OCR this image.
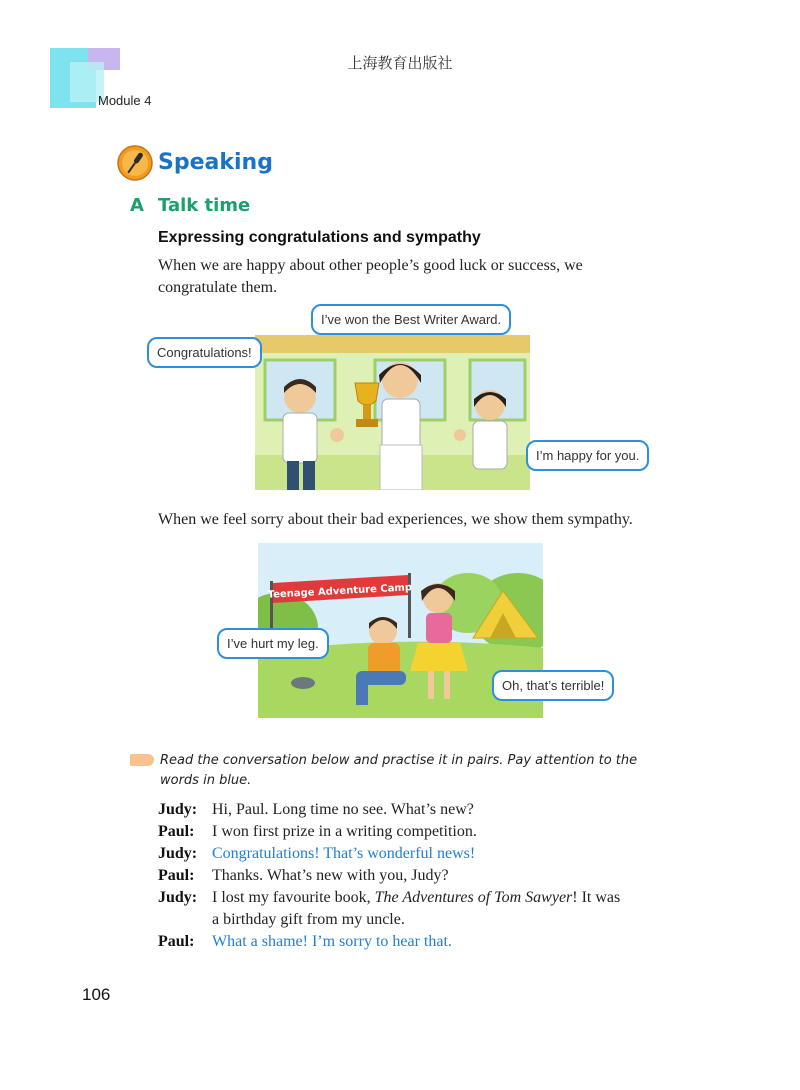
上海教育出版社
Module 4
Speaking
A Talk time
Expressing congratulations and sympathy
When we are happy about other people’s good luck or success, we
congratulate them.
I’ve won the Best Writer Award.
Congratulations!
I’m happy for you.
When we feel sorry about their bad experiences, we show them sympathy.
Teenage Adventure Camp
I’ve hurt my leg.
Oh, that’s terrible!
Read the conversation below and practise it in pairs. Pay attention to the words in blue.
Judy: Hi, Paul. Long time no see. What’s new?
Paul: I won first prize in a writing competition.
Judy: Congratulations! That’s wonderful news!
Paul: Thanks. What’s new with you, Judy?
Judy: I lost my favourite book, The Adventures of Tom Sawyer! It was
a birthday gift from my uncle.
Paul: What a shame! I’m sorry to hear that.
106
